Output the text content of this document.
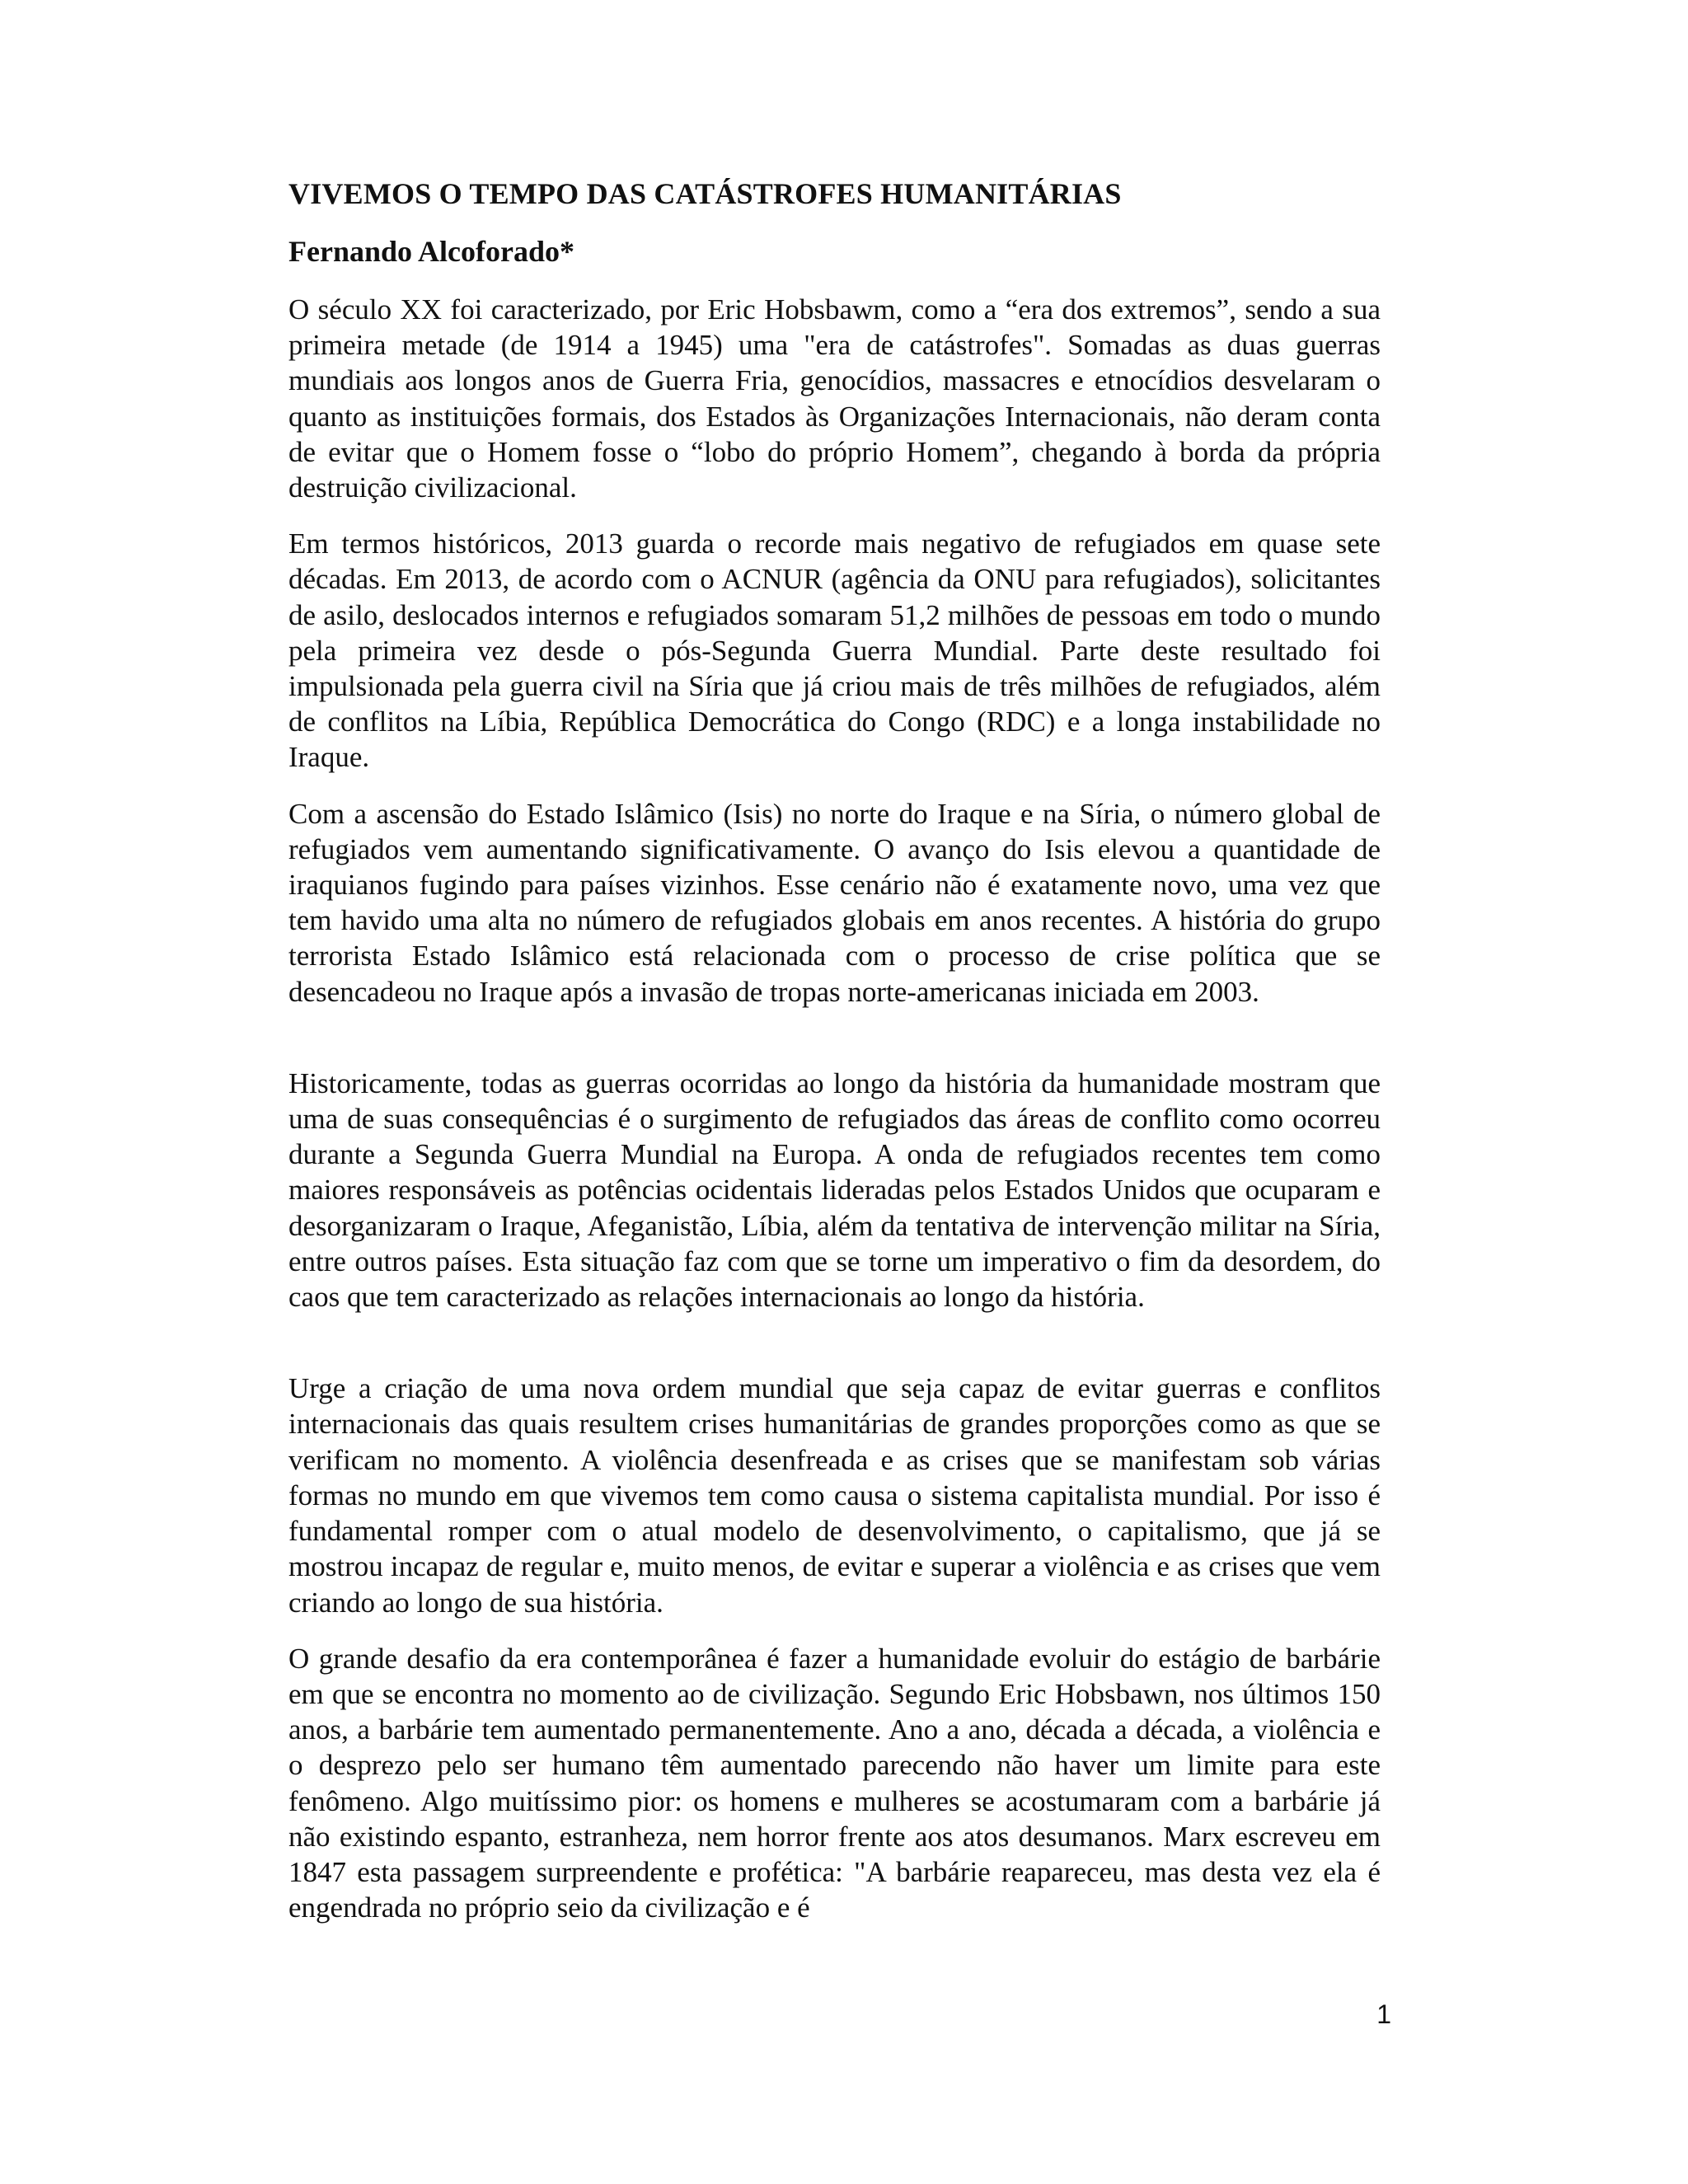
VIVEMOS O TEMPO DAS CATÁSTROFES HUMANITÁRIAS
Fernando Alcoforado*

O século XX foi caracterizado, por Eric Hobsbawm, como a “era dos extremos”, sendo a sua primeira metade (de 1914 a 1945) uma "era de catástrofes". Somadas as duas guerras mundiais aos longos anos de Guerra Fria, genocídios, massacres e etnocídios desvelaram o quanto as instituições formais, dos Estados às Organizações Internacionais, não deram conta de evitar que o Homem fosse o “lobo do próprio Homem”, chegando à borda da própria destruição civilizacional.

Em termos históricos, 2013 guarda o recorde mais negativo de refugiados em quase sete décadas. Em 2013, de acordo com o ACNUR (agência da ONU para refugiados), solicitantes de asilo, deslocados internos e refugiados somaram 51,2 milhões de pessoas em todo o mundo pela primeira vez desde o pós-Segunda Guerra Mundial. Parte deste resultado foi impulsionada pela guerra civil na Síria que já criou mais de três milhões de refugiados, além de conflitos na Líbia, República Democrática do Congo (RDC) e a longa instabilidade no Iraque.

Com a ascensão do Estado Islâmico (Isis) no norte do Iraque e na Síria, o número global de refugiados vem aumentando significativamente. O avanço do Isis elevou a quantidade de iraquianos fugindo para países vizinhos. Esse cenário não é exatamente novo, uma vez que tem havido uma alta no número de refugiados globais em anos recentes. A história do grupo terrorista Estado Islâmico está relacionada com o processo de crise política que se desencadeou no Iraque após a invasão de tropas norte-americanas iniciada em 2003.

Historicamente, todas as guerras ocorridas ao longo da história da humanidade mostram que uma de suas consequências é o surgimento de refugiados das áreas de conflito como ocorreu durante a Segunda Guerra Mundial na Europa. A onda de refugiados recentes tem como maiores responsáveis as potências ocidentais lideradas pelos Estados Unidos que ocuparam e desorganizaram o Iraque, Afeganistão, Líbia, além da tentativa de intervenção militar na Síria, entre outros países. Esta situação faz com que se torne um imperativo o fim da desordem, do caos que tem caracterizado as relações internacionais ao longo da história.

Urge a criação de uma nova ordem mundial que seja capaz de evitar guerras e conflitos internacionais das quais resultem crises humanitárias de grandes proporções como as que se verificam no momento. A violência desenfreada e as crises que se manifestam sob várias formas no mundo em que vivemos tem como causa o sistema capitalista mundial. Por isso é fundamental romper com o atual modelo de desenvolvimento, o capitalismo, que já se mostrou incapaz de regular e, muito menos, de evitar e superar a violência e as crises que vem criando ao longo de sua história.

O grande desafio da era contemporânea é fazer a humanidade evoluir do estágio de barbárie em que se encontra no momento ao de civilização. Segundo Eric Hobsbawn, nos últimos 150 anos, a barbárie tem aumentado permanentemente. Ano a ano, década a década, a violência e o desprezo pelo ser humano têm aumentado parecendo não haver um limite para este fenômeno. Algo muitíssimo pior: os homens e mulheres se acostumaram com a barbárie já não existindo espanto, estranheza, nem horror frente aos atos desumanos. Marx escreveu em 1847 esta passagem surpreendente e profética: "A barbárie reapareceu, mas desta vez ela é engendrada no próprio seio da civilização e é

1
